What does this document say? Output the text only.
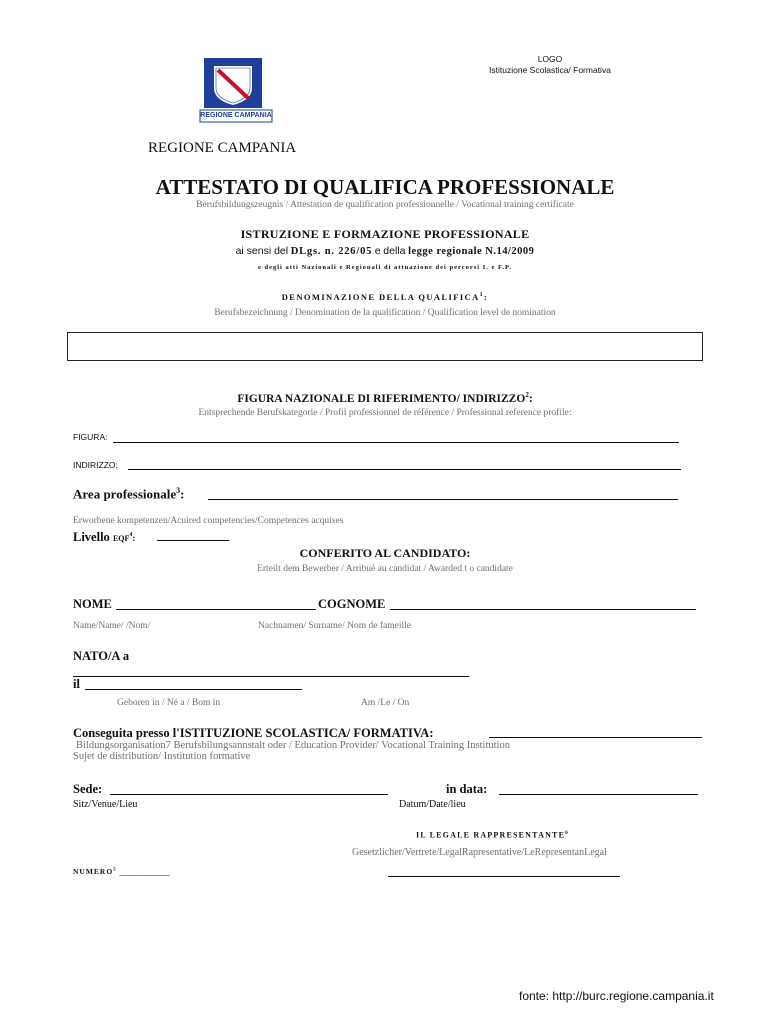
LOGO
Istituzione Scolastica/ Formativa
REGIONE CAMPANIA
REGIONE CAMPANIA
ATTESTATO DI QUALIFICA PROFESSIONALE
Berufsbildungszeugnis / Attestation de qualification professionnelle / Vocational training certificate
ISTRUZIONE E FORMAZIONE PROFESSIONALE
ai sensi del DLgs. n. 226/05 e della legge regionale N.14/2009
e degli atti Nazionali e Regionali di attuazione dei percorsi I. e F.P.
DENOMINAZIONE DELLA QUALIFICA$^1$:
Berufsbezeichnung / Denomination de la qualification / Qualification level de nomination
FIGURA NAZIONALE DI RIFERIMENTO/ INDIRIZZO$^2$:
Entsprechende Berufskategorie / Profil professionnel de référence / Professional reference profile:
FIGURA:
INDIRIZZO:
Area professionale$^3$:
Erworbene kompetenzen/Acuired competencies/Competences acquises
Livello EQF$^4$:
CONFERITO AL CANDIDATO:
Erteilt dem Bewerber / Arribué au candidat / Awarded t o candidate
NOME	COGNOME
Name/Name/ /Nom/	Nachnamen/ Surname/ Nom de fameille
NATO/A a
il
Geboren in / Né a / Bom in	Am /Le / On
Conseguita presso l'ISTITUZIONE SCOLASTICA/ FORMATIVA:
Bildungsorganisation7 Berufsbilungsannstalt oder / Education Provider/ Vocational Training Institution
Sujet de distribution/ Institution formative
Sede:	in data:
Sitz/Venue/Lieu	Datum/Date/lieu
IL LEGALE RAPPRESENTANTE$^6$
Gesetzlicher/Vertrete/LegalRapresentative/LeRepresentanLegal
NUMERO$^5$ ____________
fonte: http://burc.regione.campania.it
